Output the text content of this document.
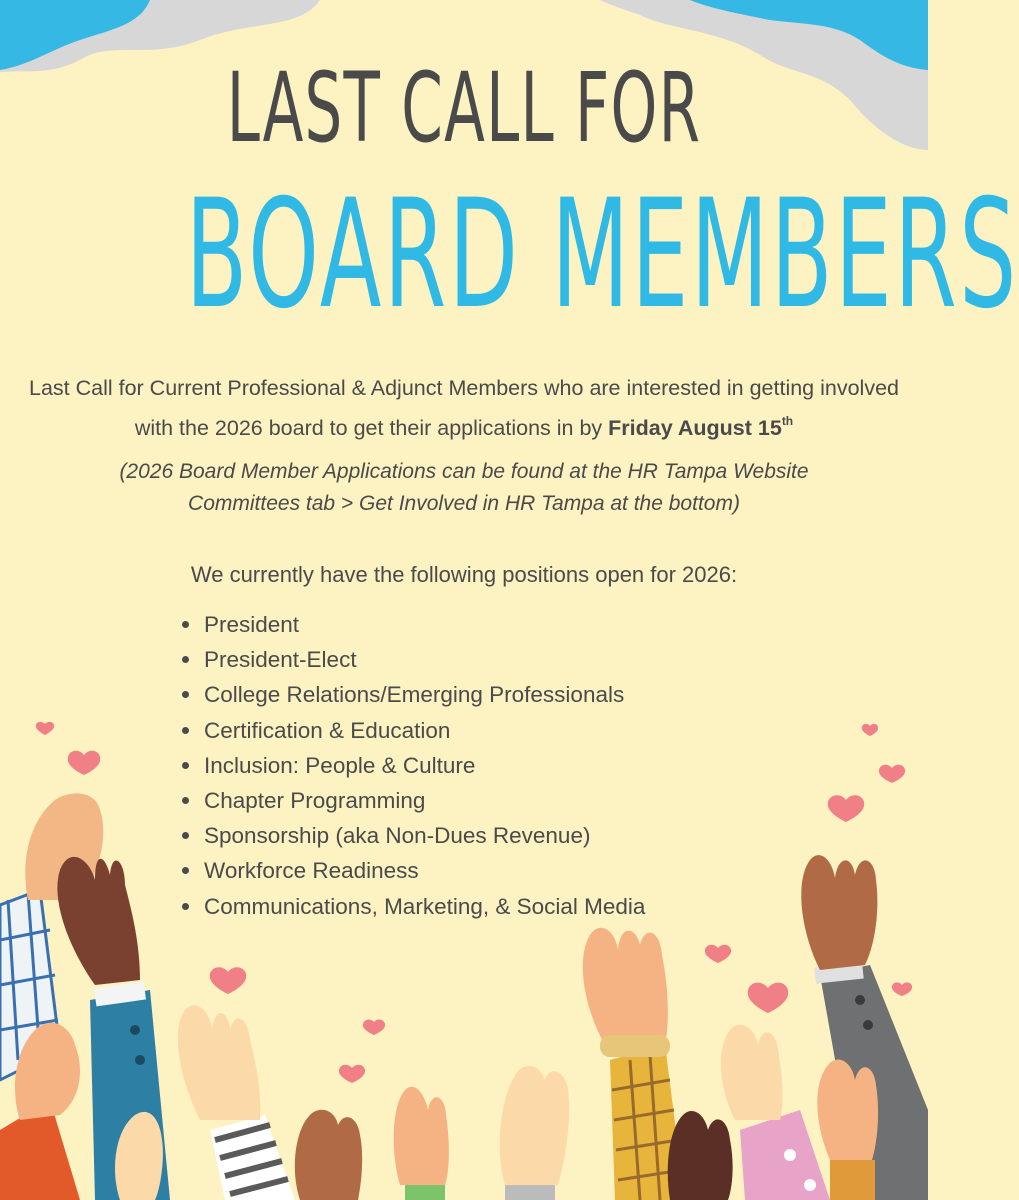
LAST CALL FOR
BOARD MEMBERS

Last Call for Current Professional & Adjunct Members who are interested in getting involved with the 2026 board to get their applications in by Friday August 15th

(2026 Board Member Applications can be found at the HR Tampa Website
Committees tab > Get Involved in HR Tampa at the bottom)

We currently have the following positions open for 2026:

President
President-Elect
College Relations/Emerging Professionals
Certification & Education
Inclusion: People & Culture
Chapter Programming
Sponsorship (aka Non-Dues Revenue)
Workforce Readiness
Communications, Marketing, & Social Media
